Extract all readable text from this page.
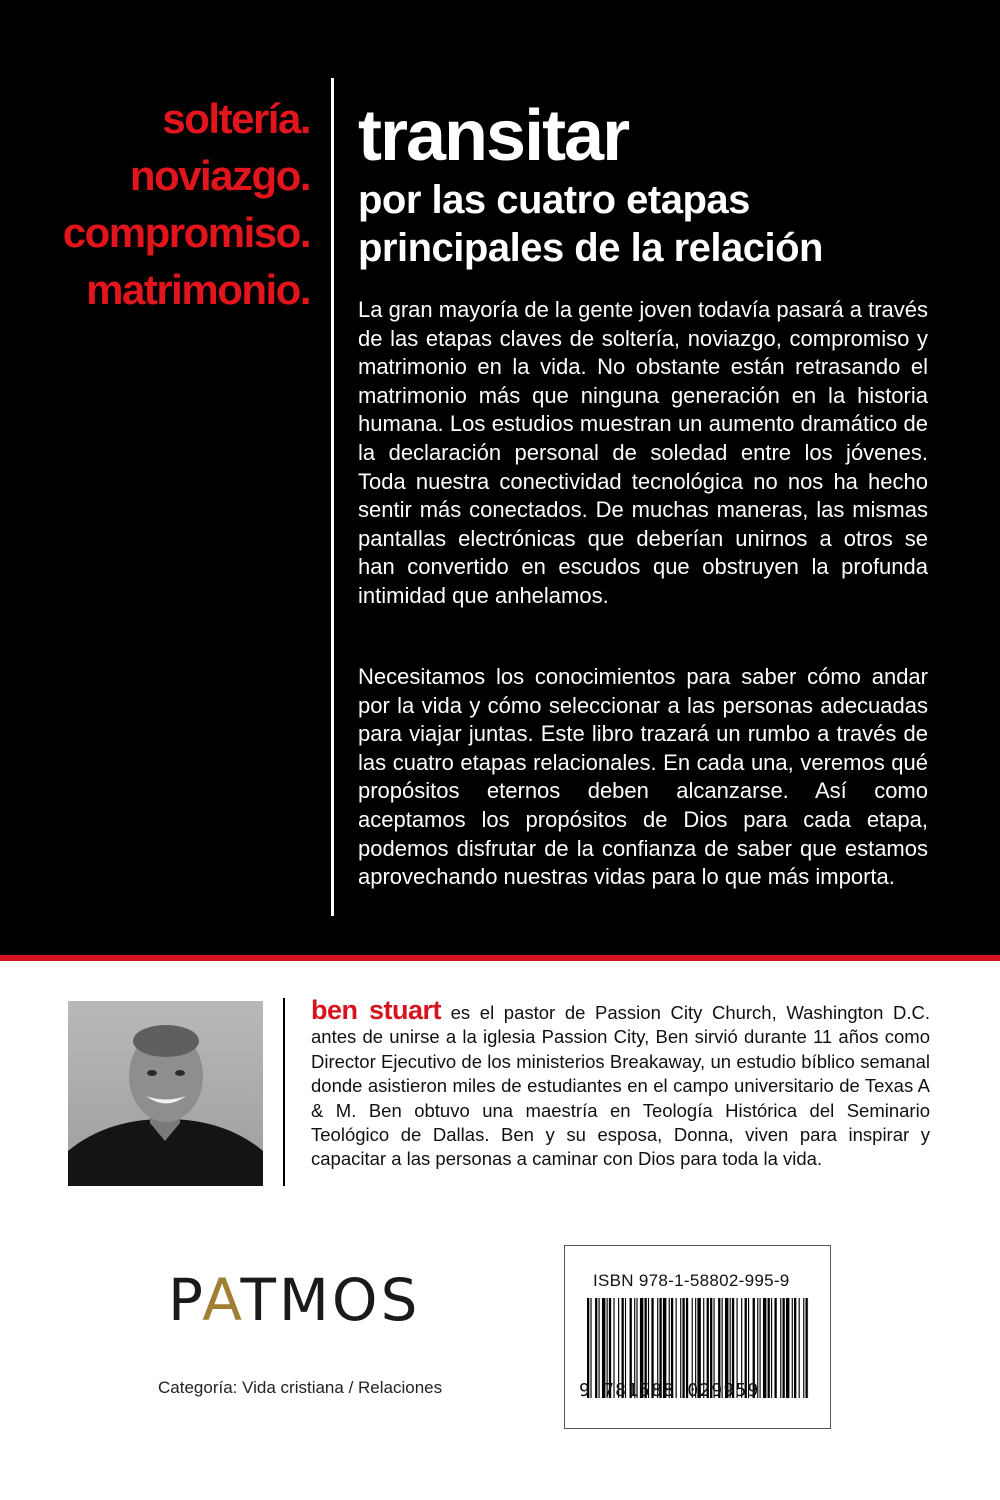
soltería.
noviazgo.
compromiso.
matrimonio.
transitar
por las cuatro etapas principales de la relación
La gran mayoría de la gente joven todavía pasará a través de las etapas claves de soltería, noviazgo, compromiso y matrimonio en la vida. No obstante están retrasando el matrimonio más que ninguna generación en la historia humana. Los estudios muestran un aumento dramático de la declaración personal de soledad entre los jóvenes. Toda nuestra conectividad tecnológica no nos ha hecho sentir más conectados. De muchas maneras, las mismas pantallas electrónicas que deberían unirnos a otros se han convertido en escudos que obstruyen la profunda intimidad que anhelamos.
Necesitamos los conocimientos para saber cómo andar por la vida y cómo seleccionar a las personas adecuadas para viajar juntas. Este libro trazará un rumbo a través de las cuatro etapas relacionales. En cada una, veremos qué propósitos eternos deben alcanzarse. Así como aceptamos los propósitos de Dios para cada etapa, podemos disfrutar de la confianza de saber que estamos aprovechando nuestras vidas para lo que más importa.
ben stuart es el pastor de Passion City Church, Washington D.C. antes de unirse a la iglesia Passion City, Ben sirvió durante 11 años como Director Ejecutivo de los ministerios Breakaway, un estudio bíblico semanal donde asistieron miles de estudiantes en el campo universitario de Texas A & M. Ben obtuvo una maestría en Teología Histórica del Seminario Teológico de Dallas. Ben y su esposa, Donna, viven para inspirar y capacitar a las personas a caminar con Dios para toda la vida.
PATMOS
Categoría: Vida cristiana / Relaciones
ISBN 978-1-58802-995-9
9 781588 029959
